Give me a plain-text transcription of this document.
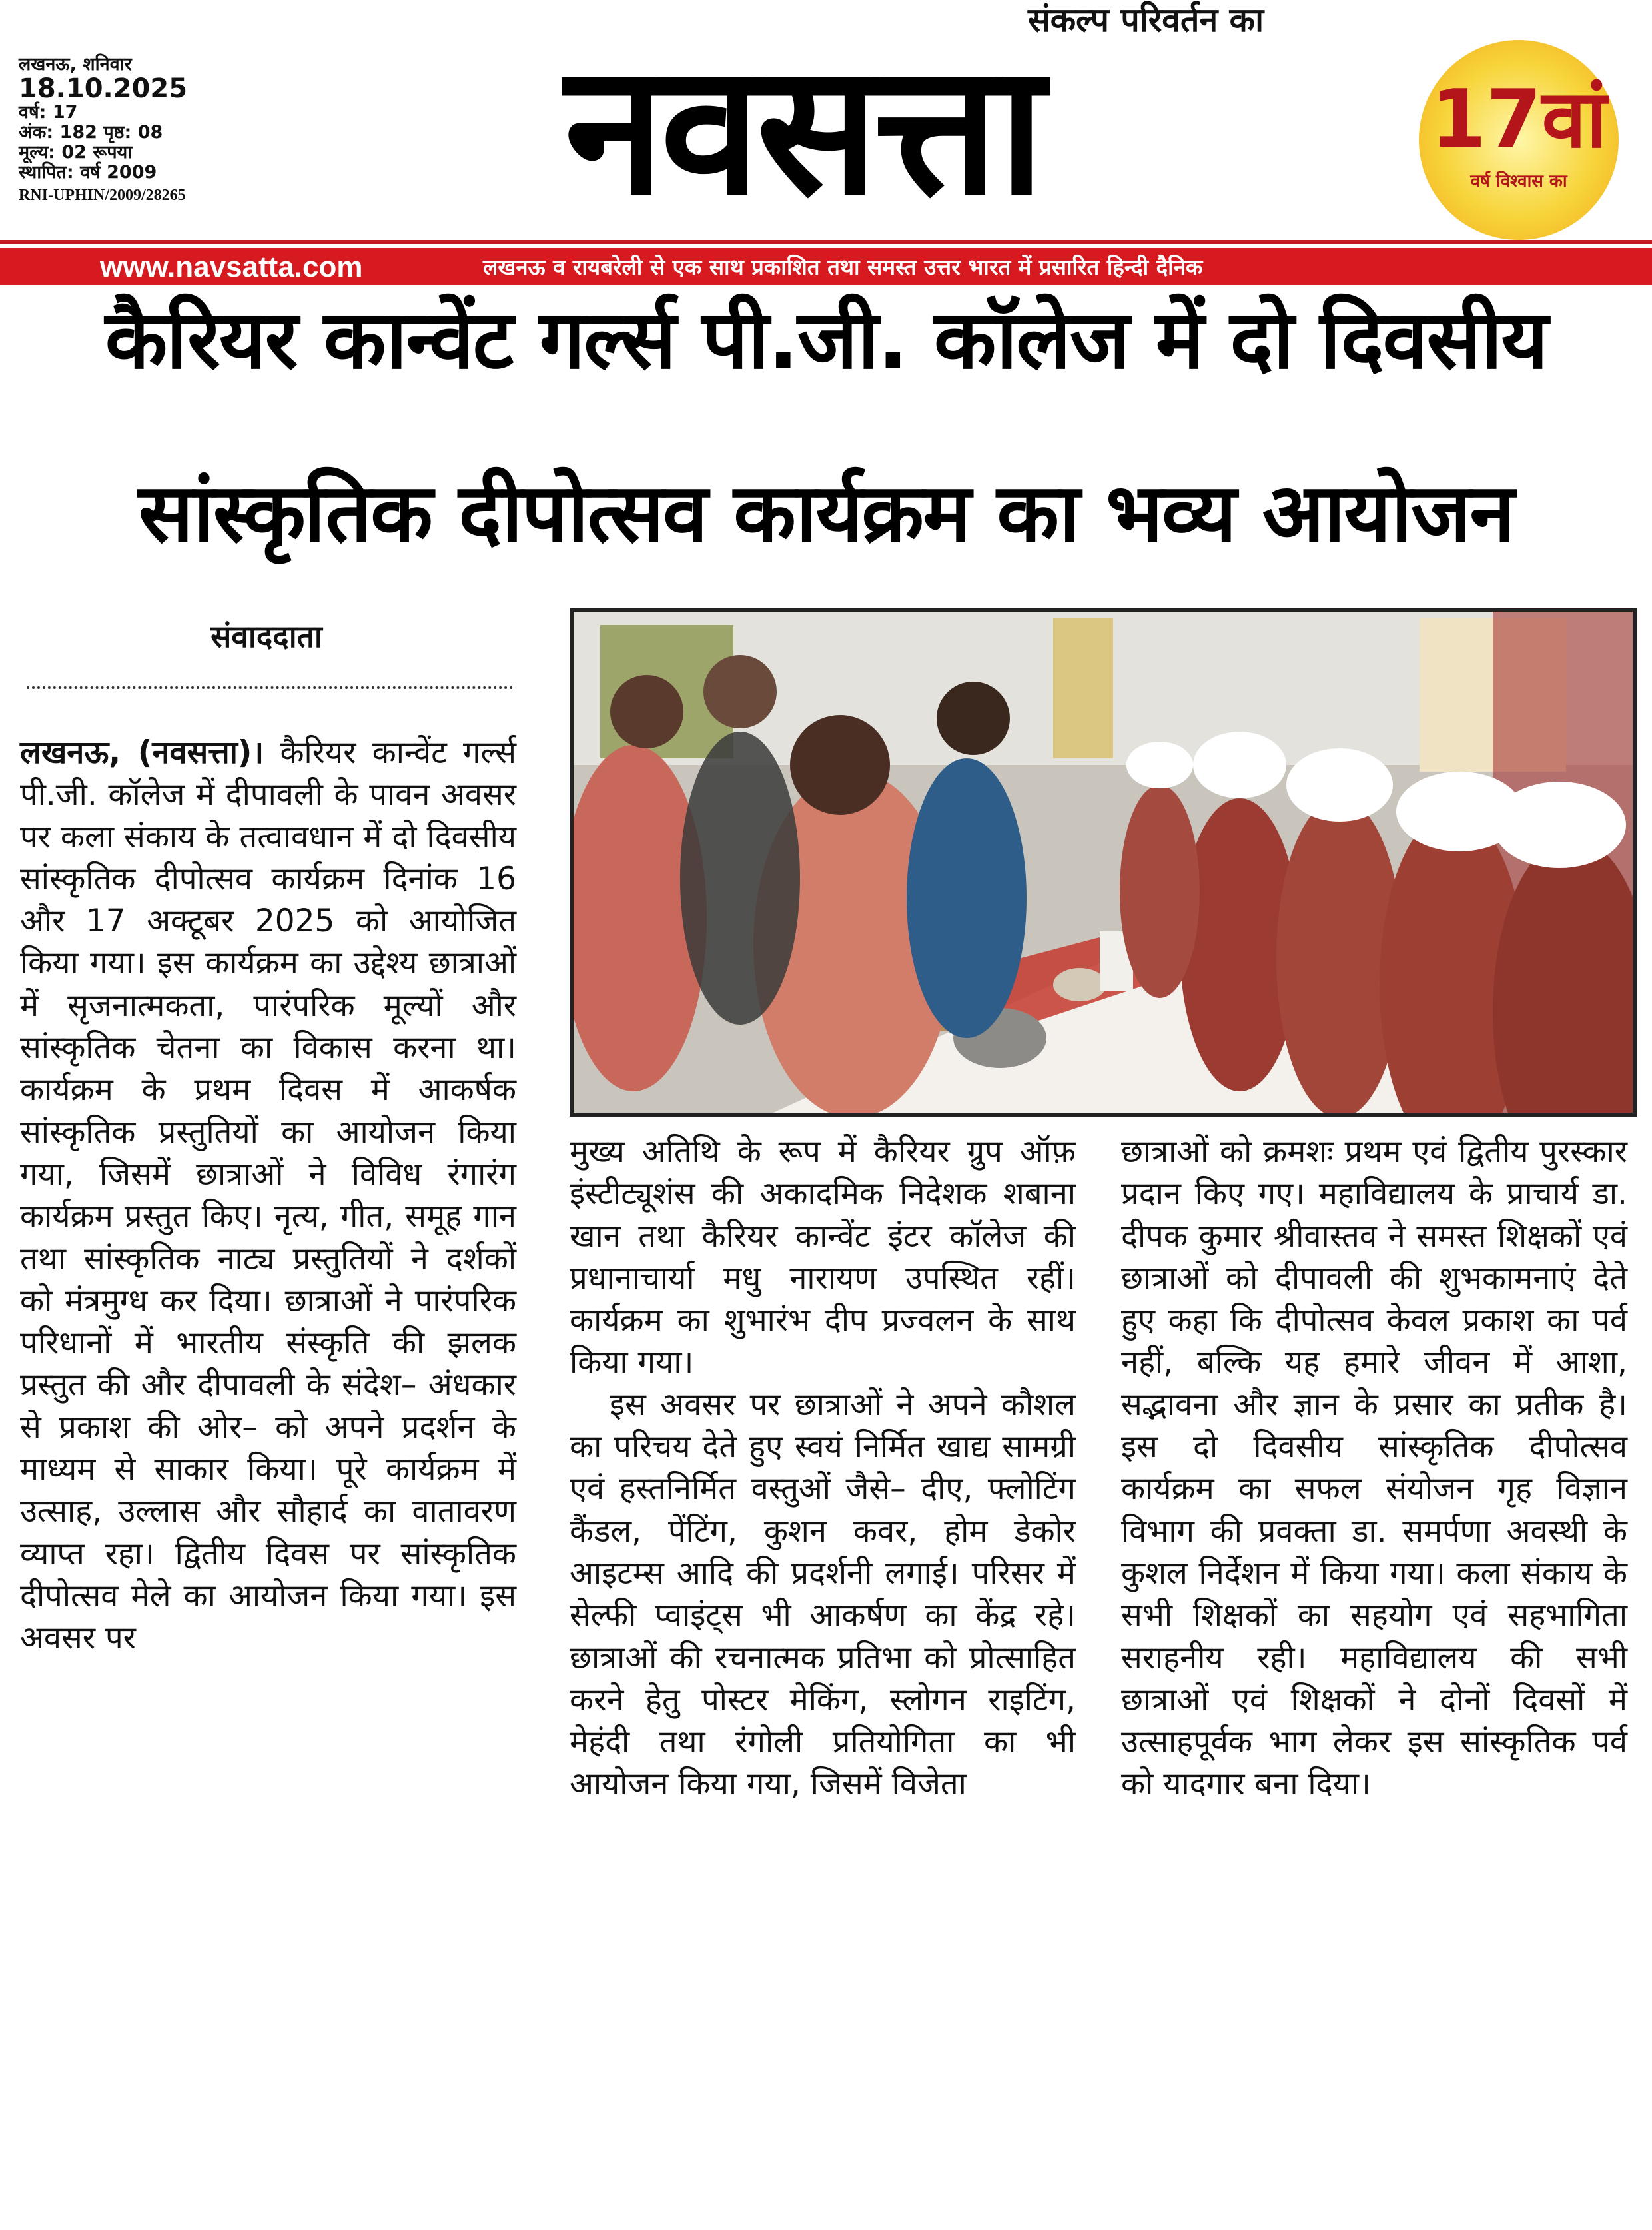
संकल्प परिवर्तन का
लखनऊ, शनिवार
18.10.2025
वर्ष: 17
अंक: 182 पृष्ठ: 08
मूल्य: 02 रूपया
स्थापित: वर्ष 2009
RNI-UPHIN/2009/28265	नवसत्ता	17वां
वर्ष विश्वास का
www.navsatta.com	लखनऊ व रायबरेली से एक साथ प्रकाशित तथा समस्त उत्तर भारत में प्रसारित हिन्दी दैनिक
कैरियर कान्वेंट गर्ल्स पी.जी. कॉलेज में दो दिवसीय
सांस्कृतिक दीपोत्सव कार्यक्रम का भव्य आयोजन
संवाददाता

लखनऊ, (नवसत्ता)। कैरियर कान्वेंट गर्ल्स पी.जी. कॉलेज में दीपावली के पावन अवसर पर कला संकाय के तत्वावधान में दो दिवसीय सांस्कृतिक दीपोत्सव कार्यक्रम दिनांक 16 और 17 अक्टूबर 2025 को आयोजित किया गया। इस कार्यक्रम का उद्देश्य छात्राओं में सृजनात्मकता, पारंपरिक मूल्यों और सांस्कृतिक चेतना का विकास करना था। कार्यक्रम के प्रथम दिवस में आकर्षक सांस्कृतिक प्रस्तुतियों का आयोजन किया गया, जिसमें छात्राओं ने विविध रंगारंग कार्यक्रम प्रस्तुत किए। नृत्य, गीत, समूह गान तथा सांस्कृतिक नाट्य प्रस्तुतियों ने दर्शकों को मंत्रमुग्ध कर दिया। छात्राओं ने पारंपरिक परिधानों में भारतीय संस्कृति की झलक प्रस्तुत की और दीपावली के संदेश– अंधकार से प्रकाश की ओर– को अपने प्रदर्शन के माध्यम से साकार किया। पूरे कार्यक्रम में उत्साह, उल्लास और सौहार्द का वातावरण व्याप्त रहा। द्वितीय दिवस पर सांस्कृतिक दीपोत्सव मेले का आयोजन किया गया। इस अवसर पर

मुख्य अतिथि के रूप में कैरियर ग्रुप ऑफ़ इंस्टीट्यूशंस की अकादमिक निदेशक शबाना खान तथा कैरियर कान्वेंट इंटर कॉलेज की प्रधानाचार्या मधु नारायण उपस्थित रहीं। कार्यक्रम का शुभारंभ दीप प्रज्वलन के साथ किया गया।

इस अवसर पर छात्राओं ने अपने कौशल का परिचय देते हुए स्वयं निर्मित खाद्य सामग्री एवं हस्तनिर्मित वस्तुओं जैसे– दीए, फ्लोटिंग कैंडल, पेंटिंग, कुशन कवर, होम डेकोर आइटम्स आदि की प्रदर्शनी लगाई। परिसर में सेल्फी प्वाइंट्स भी आकर्षण का केंद्र रहे। छात्राओं की रचनात्मक प्रतिभा को प्रोत्साहित करने हेतु पोस्टर मेकिंग, स्लोगन राइटिंग, मेहंदी तथा रंगोली प्रतियोगिता का भी आयोजन किया गया, जिसमें विजेता

छात्राओं को क्रमशः प्रथम एवं द्वितीय पुरस्कार प्रदान किए गए। महाविद्यालय के प्राचार्य डा. दीपक कुमार श्रीवास्तव ने समस्त शिक्षकों एवं छात्राओं को दीपावली की शुभकामनाएं देते हुए कहा कि दीपोत्सव केवल प्रकाश का पर्व नहीं, बल्कि यह हमारे जीवन में आशा, सद्भावना और ज्ञान के प्रसार का प्रतीक है। इस दो दिवसीय सांस्कृतिक दीपोत्सव कार्यक्रम का सफल संयोजन गृह विज्ञान विभाग की प्रवक्ता डा. समर्पणा अवस्थी के कुशल निर्देशन में किया गया। कला संकाय के सभी शिक्षकों का सहयोग एवं सहभागिता सराहनीय रही। महाविद्यालय की सभी छात्राओं एवं शिक्षकों ने दोनों दिवसों में उत्साहपूर्वक भाग लेकर इस सांस्कृतिक पर्व को यादगार बना दिया।
